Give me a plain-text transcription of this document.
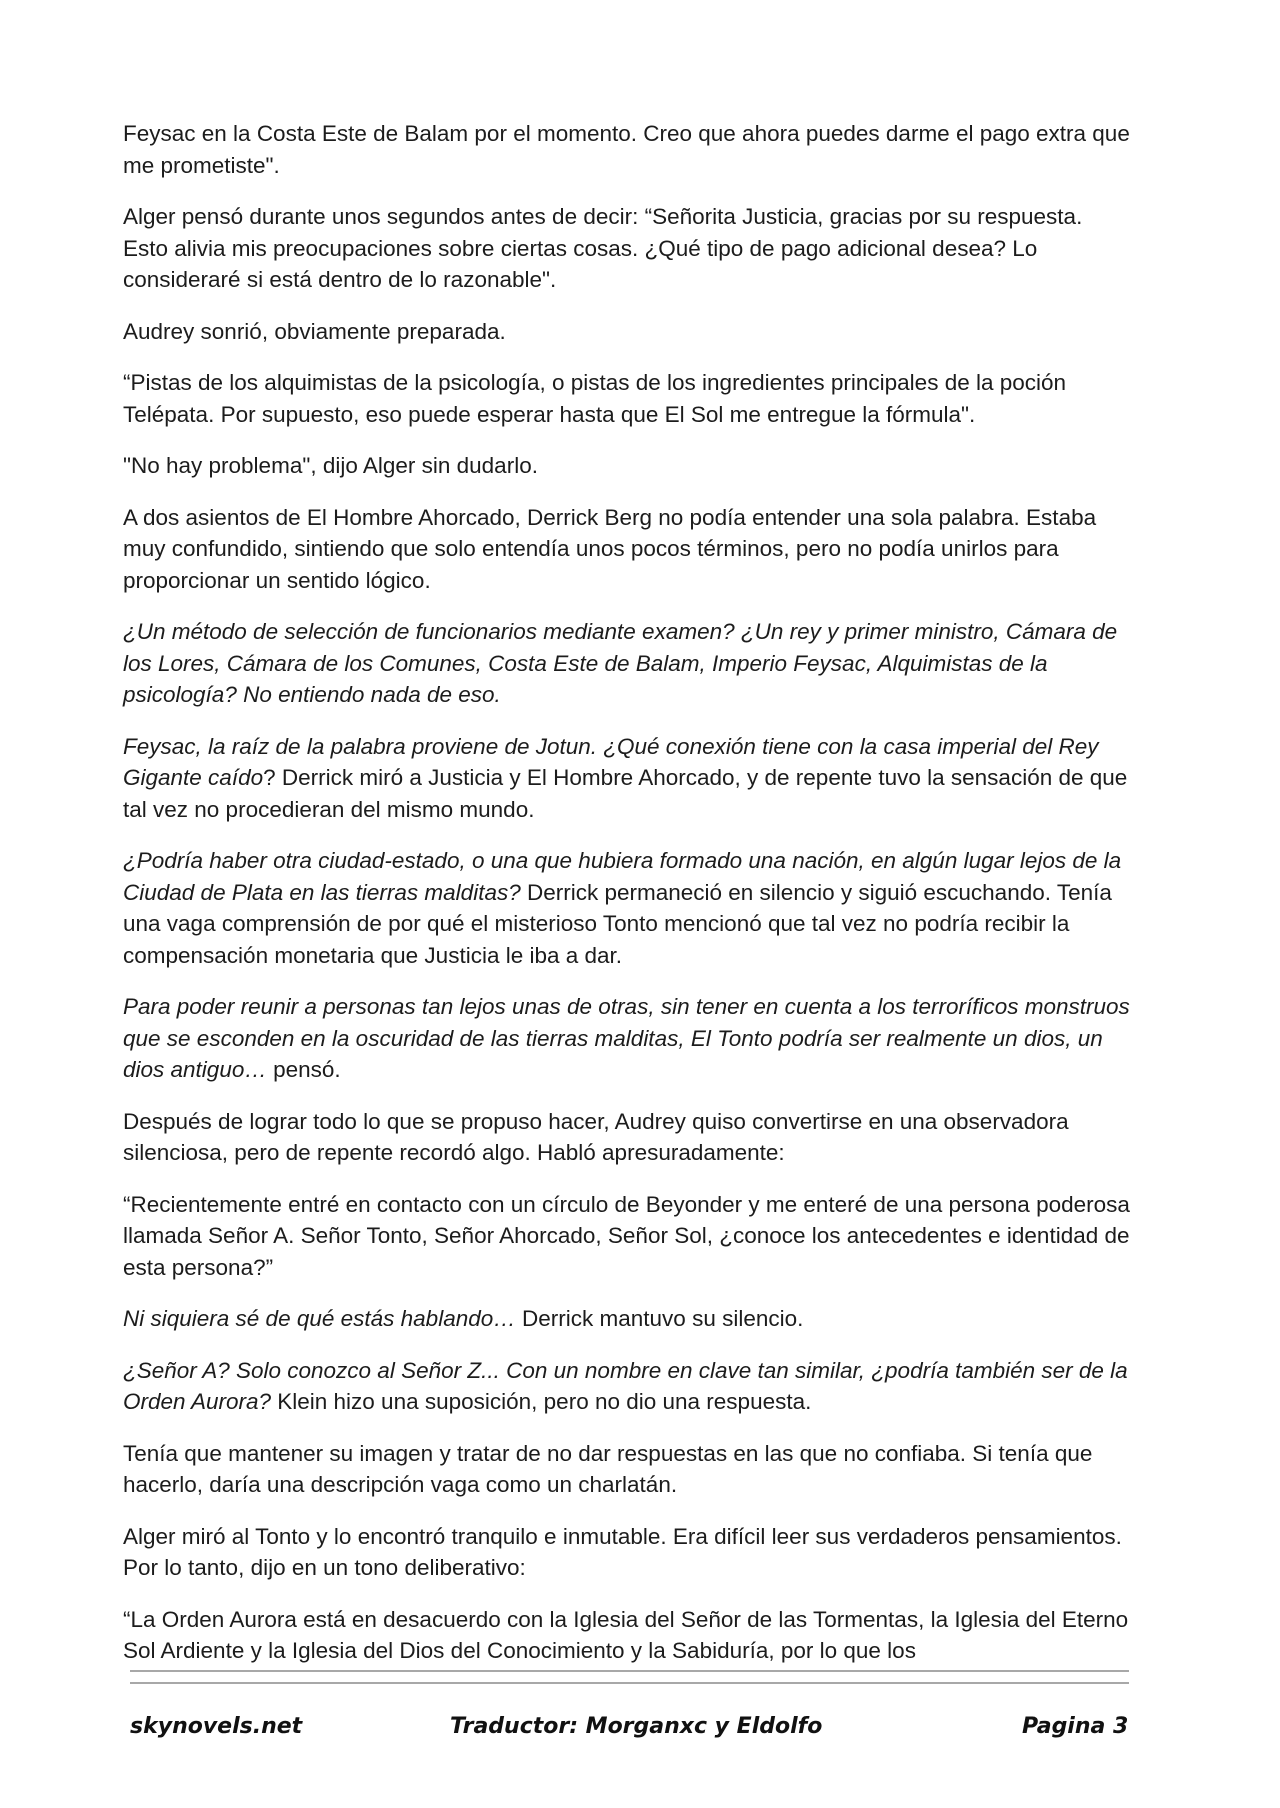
Feysac en la Costa Este de Balam por el momento. Creo que ahora puedes darme el pago extra que me prometiste".

Alger pensó durante unos segundos antes de decir: “Señorita Justicia, gracias por su respuesta. Esto alivia mis preocupaciones sobre ciertas cosas. ¿Qué tipo de pago adicional desea? Lo consideraré si está dentro de lo razonable".

Audrey sonrió, obviamente preparada.

“Pistas de los alquimistas de la psicología, o pistas de los ingredientes principales de la poción Telépata. Por supuesto, eso puede esperar hasta que El Sol me entregue la fórmula".

"No hay problema", dijo Alger sin dudarlo.

A dos asientos de El Hombre Ahorcado, Derrick Berg no podía entender una sola palabra. Estaba muy confundido, sintiendo que solo entendía unos pocos términos, pero no podía unirlos para proporcionar un sentido lógico.

¿Un método de selección de funcionarios mediante examen? ¿Un rey y primer ministro, Cámara de los Lores, Cámara de los Comunes, Costa Este de Balam, Imperio Feysac, Alquimistas de la psicología? No entiendo nada de eso.

Feysac, la raíz de la palabra proviene de Jotun. ¿Qué conexión tiene con la casa imperial del Rey Gigante caído? Derrick miró a Justicia y El Hombre Ahorcado, y de repente tuvo la sensación de que tal vez no procedieran del mismo mundo.

¿Podría haber otra ciudad-estado, o una que hubiera formado una nación, en algún lugar lejos de la Ciudad de Plata en las tierras malditas? Derrick permaneció en silencio y siguió escuchando. Tenía una vaga comprensión de por qué el misterioso Tonto mencionó que tal vez no podría recibir la compensación monetaria que Justicia le iba a dar.

Para poder reunir a personas tan lejos unas de otras, sin tener en cuenta a los terroríficos monstruos que se esconden en la oscuridad de las tierras malditas, El Tonto podría ser realmente un dios, un dios antiguo… pensó.

Después de lograr todo lo que se propuso hacer, Audrey quiso convertirse en una observadora silenciosa, pero de repente recordó algo. Habló apresuradamente:

“Recientemente entré en contacto con un círculo de Beyonder y me enteré de una persona poderosa llamada Señor A. Señor Tonto, Señor Ahorcado, Señor Sol, ¿conoce los antecedentes e identidad de esta persona?”

Ni siquiera sé de qué estás hablando… Derrick mantuvo su silencio.

¿Señor A? Solo conozco al Señor Z... Con un nombre en clave tan similar, ¿podría también ser de la Orden Aurora? Klein hizo una suposición, pero no dio una respuesta.

Tenía que mantener su imagen y tratar de no dar respuestas en las que no confiaba. Si tenía que hacerlo, daría una descripción vaga como un charlatán.

Alger miró al Tonto y lo encontró tranquilo e inmutable. Era difícil leer sus verdaderos pensamientos. Por lo tanto, dijo en un tono deliberativo:

“La Orden Aurora está en desacuerdo con la Iglesia del Señor de las Tormentas, la Iglesia del Eterno Sol Ardiente y la Iglesia del Dios del Conocimiento y la Sabiduría, por lo que los

skynovels.net	Traductor: Morganxc y Eldolfo	Pagina 3
